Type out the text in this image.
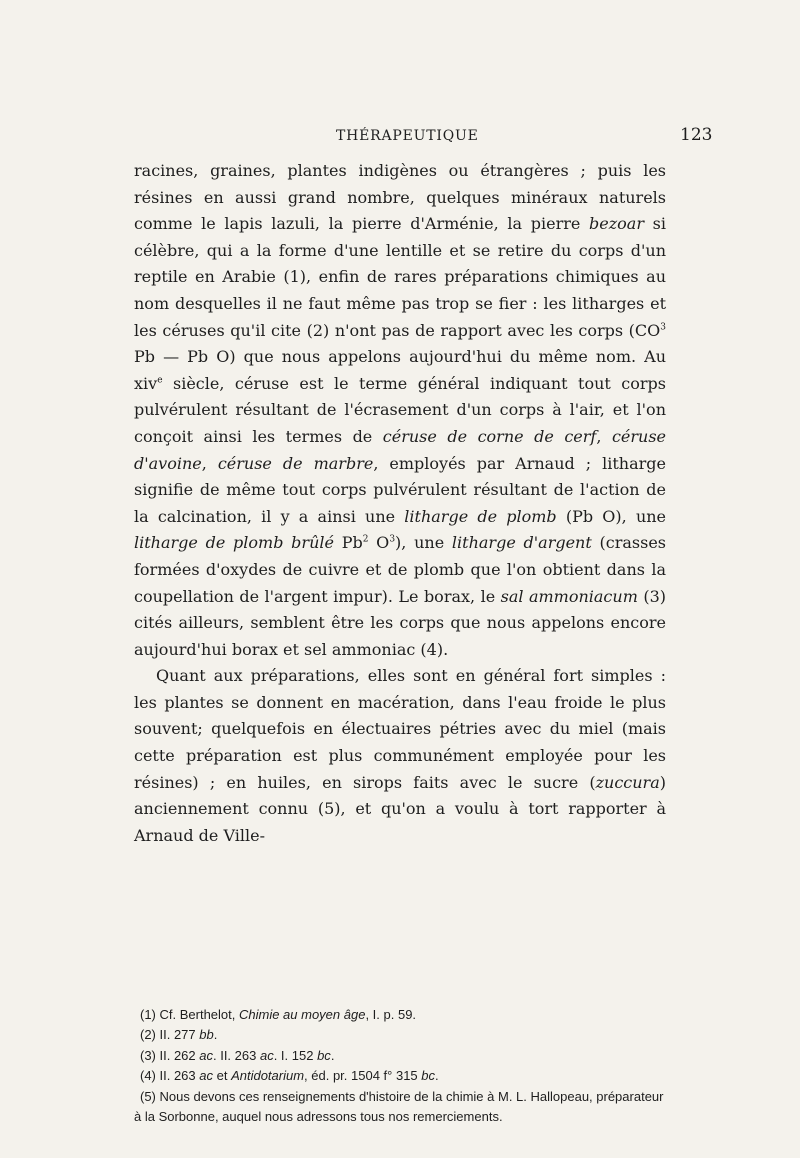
THÉRAPEUTIQUE	123

racines, graines, plantes indigènes ou étrangères ; puis les résines en aussi grand nombre, quelques minéraux naturels comme le lapis lazuli, la pierre d'Arménie, la pierre bezoar si célèbre, qui a la forme d'une lentille et se retire du corps d'un reptile en Arabie (1), enfin de rares préparations chimiques au nom desquelles il ne faut même pas trop se fier : les litharges et les céruses qu'il cite (2) n'ont pas de rapport avec les corps ($CO^3$ Pb — Pb O) que nous appelons aujourd'hui du même nom. Au xiv$^e$ siècle, céruse est le terme général indiquant tout corps pulvérulent résultant de l'écrasement d'un corps à l'air, et l'on conçoit ainsi les termes de céruse de corne de cerf, céruse d'avoine, céruse de marbre, employés par Arnaud ; litharge signifie de même tout corps pulvérulent résultant de l'action de la calcination, il y a ainsi une litharge de plomb (Pb O), une litharge de plomb brûlé Pb$^2$ $O^3$), une litharge d'argent (crasses formées d'oxydes de cuivre et de plomb que l'on obtient dans la coupellation de l'argent impur). Le borax, le sal ammoniacum (3) cités ailleurs, semblent être les corps que nous appelons encore aujourd'hui borax et sel ammoniac (4).

Quant aux préparations, elles sont en général fort simples : les plantes se donnent en macération, dans l'eau froide le plus souvent; quelquefois en électuaires pétries avec du miel (mais cette préparation est plus communément employée pour les résines) ; en huiles, en sirops faits avec le sucre (zuccura) anciennement connu (5), et qu'on a voulu à tort rapporter à Arnaud de Ville-

(1) Cf. Berthelot, Chimie au moyen âge, I. p. 59.

(2) II. 277 bb.

(3) II. 262 ac. II. 263 ac. I. 152 bc.

(4) II. 263 ac et Antidotarium, éd. pr. 1504 f° 315 bc.

(5) Nous devons ces renseignements d'histoire de la chimie à M. L. Hallopeau, préparateur à la Sorbonne, auquel nous adressons tous nos remerciements.
